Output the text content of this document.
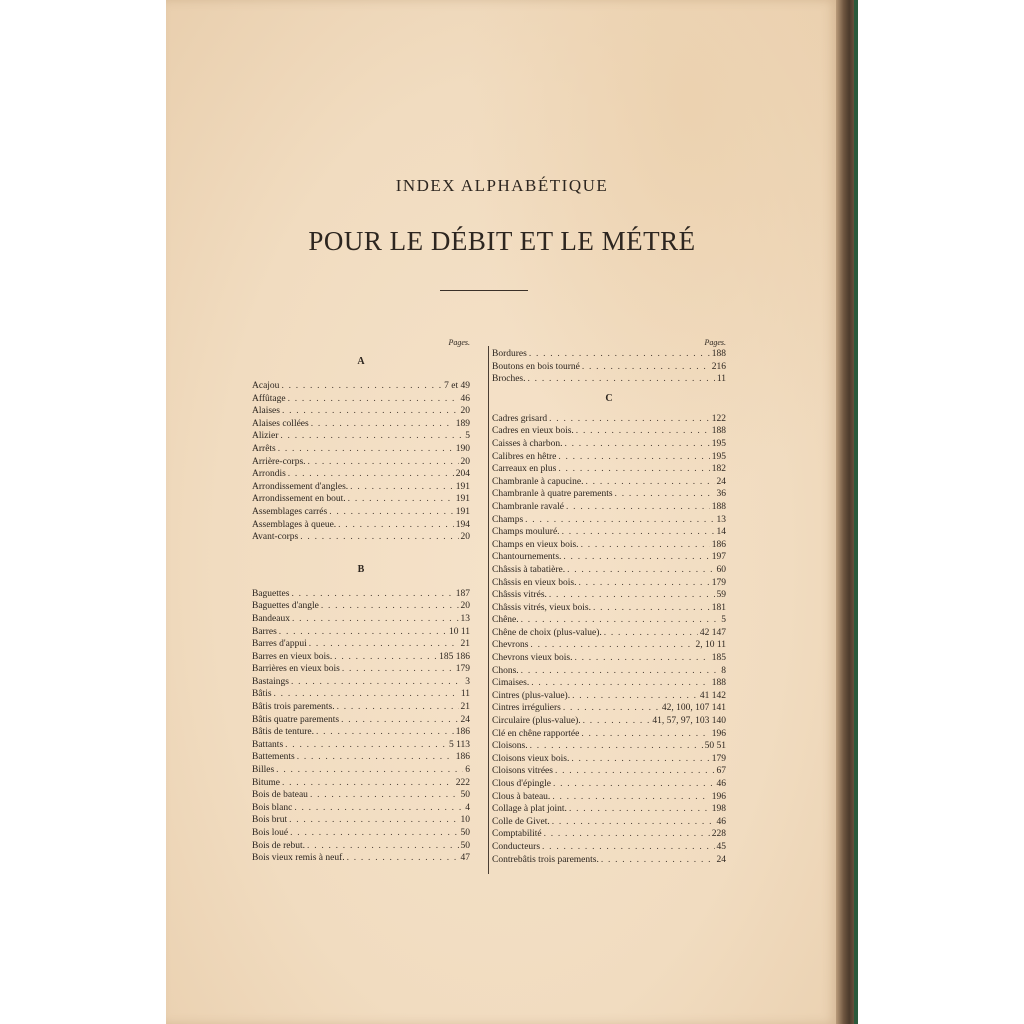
INDEX ALPHABÉTIQUE
POUR LE DÉBIT ET LE MÉTRÉ
Pages.
A
Acajou . . .	7 et 49
Affûtage . . .	46
Alaises . . .	20
Alaises collées . . .	189
Alizier . . .	5
Arrêts . . .	190
Arrière-corps. . . .	20
Arrondis . . .	204
Arrondissement d'angles. . . .	191
Arrondissement en bout. . . .	191
Assemblages carrés . . .	191
Assemblages à queue. . . .	194
Avant-corps . . .	20
B
Baguettes . . .	187
Baguettes d'angle . . .	20
Bandeaux . . .	13
Barres . . .	10 11
Barres d'appui . . .	21
Barres en vieux bois. . . .	185 186
Barrières en vieux bois . . .	179
Bastaings . . .	3
Bâtis . . .	11
Bâtis trois parements. . . .	21
Bâtis quatre parements . . .	24
Bâtis de tenture. . . .	186
Battants . . .	5 113
Battements . . .	186
Billes . . .	6
Bitume . . .	222
Bois de bateau . . .	50
Bois blanc . . .	4
Bois brut . . .	10
Bois loué . . .	50
Bois de rebut. . . .	50
Bois vieux remis à neuf. . . .	47
Pages.
Bordures . . .	188
Boutons en bois tourné . . .	216
Broches. . . .	11
C
Cadres grisard . . .	122
Cadres en vieux bois. . . .	188
Caisses à charbon. . . .	195
Calibres en hêtre . . .	195
Carreaux en plus . . .	182
Chambranle à capucine. . . .	24
Chambranle à quatre parements . . .	36
Chambranle ravalé . . .	188
Champs . . .	13
Champs mouluré. . . .	14
Champs en vieux bois. . . .	186
Chantournements. . . .	197
Châssis à tabatière. . . .	60
Châssis en vieux bois. . . .	179
Châssis vitrés. . . .	59
Châssis vitrés, vieux bois. . . .	181
Chêne. . . .	5
Chêne de choix (plus-value). . . .	42 147
Chevrons . . .	2, 10 11
Chevrons vieux bois. . . .	185
Chons. . . .	8
Cimaises. . . .	188
Cintres (plus-value). . . .	41 142
Cintres irréguliers . . .	42, 100, 107 141
Circulaire (plus-value). . . .	41, 57, 97, 103 140
Clé en chêne rapportée . . .	196
Cloisons. . . .	50 51
Cloisons vieux bois. . . .	179
Cloisons vitrées . . .	67
Clous d'épingle . . .	46
Clous à bateau. . . .	196
Collage à plat joint. . . .	198
Colle de Givet. . . .	46
Comptabilité . . .	228
Conducteurs . . .	45
Contrebâtis trois parements. . . .	24
